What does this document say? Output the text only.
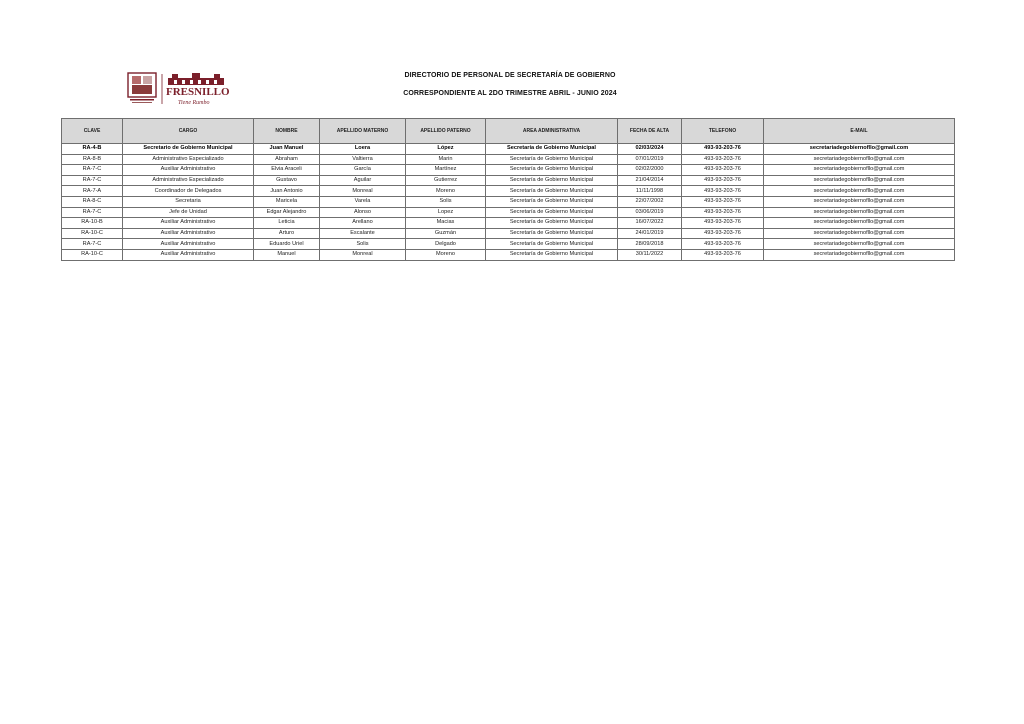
FRESNILLO
Tiene Rumbo
DIRECTORIO DE PERSONAL DE SECRETARÍA DE GOBIERNO
CORRESPONDIENTE AL 2DO TRIMESTRE ABRIL - JUNIO 2024
CLAVE	CARGO	NOMBRE	APELLIDO MATERNO	APELLIDO PATERNO	AREA ADMINISTRATIVA	FECHA DE ALTA	TELEFONO	E-MAIL
RA-4-B	Secretario de Gobierno Municipal	Juan Manuel	Loera	López	Secretaría de Gobierno Municipal	02/03/2024	493-93-203-76	secretariadegobiernofllo@gmail.com
RA-8-B	Administrativo Especializado	Abraham	Valtierra	Marin	Secretaría de Gobierno Municipal	07/01/2019	493-93-203-76	secretariadegobiernofllo@gmail.com
RA-7-C	Auxiliar Administrativo	Elvia Araceli	García	Martínez	Secretaría de Gobierno Municipal	02/02/2000	493-93-203-76	secretariadegobiernofllo@gmail.com
RA-7-C	Administrativo Especializado	Gustavo	Aguilar	Gutierrez	Secretaría de Gobierno Municipal	21/04/2014	493-93-203-76	secretariadegobiernofllo@gmail.com
RA-7-A	Coordinador de Delegados	Juan Antonio	Monreal	Moreno	Secretaría de Gobierno Municipal	11/11/1998	493-93-203-76	secretariadegobiernofllo@gmail.com
RA-8-C	Secretaria	Maricela	Varela	Solis	Secretaría de Gobierno Municipal	22/07/2002	493-93-203-76	secretariadegobiernofllo@gmail.com
RA-7-C	Jefe de Unidad	Edgar Alejandro	Alonso	Lopez	Secretaría de Gobierno Municipal	03/06/2019	493-93-203-76	secretariadegobiernofllo@gmail.com
RA-10-B	Auxiliar Administrativo	Leticia	Arellano	Macias	Secretaría de Gobierno Municipal	16/07/2022	493-93-203-76	secretariadegobiernofllo@gmail.com
RA-10-C	Auxiliar Administrativo	Arturo	Escalante	Guzmán	Secretaría de Gobierno Municipal	24/01/2019	493-93-203-76	secretariadegobiernofllo@gmail.com
RA-7-C	Auxiliar Administrativo	Eduardo Uriel	Solis	Delgado	Secretaría de Gobierno Municipal	28/09/2018	493-93-203-76	secretariadegobiernofllo@gmail.com
RA-10-C	Auxiliar Administrativo	Manuel	Monreal	Moreno	Secretaría de Gobierno Municipal	30/11/2022	493-93-203-76	secretariadegobiernofllo@gmail.com
